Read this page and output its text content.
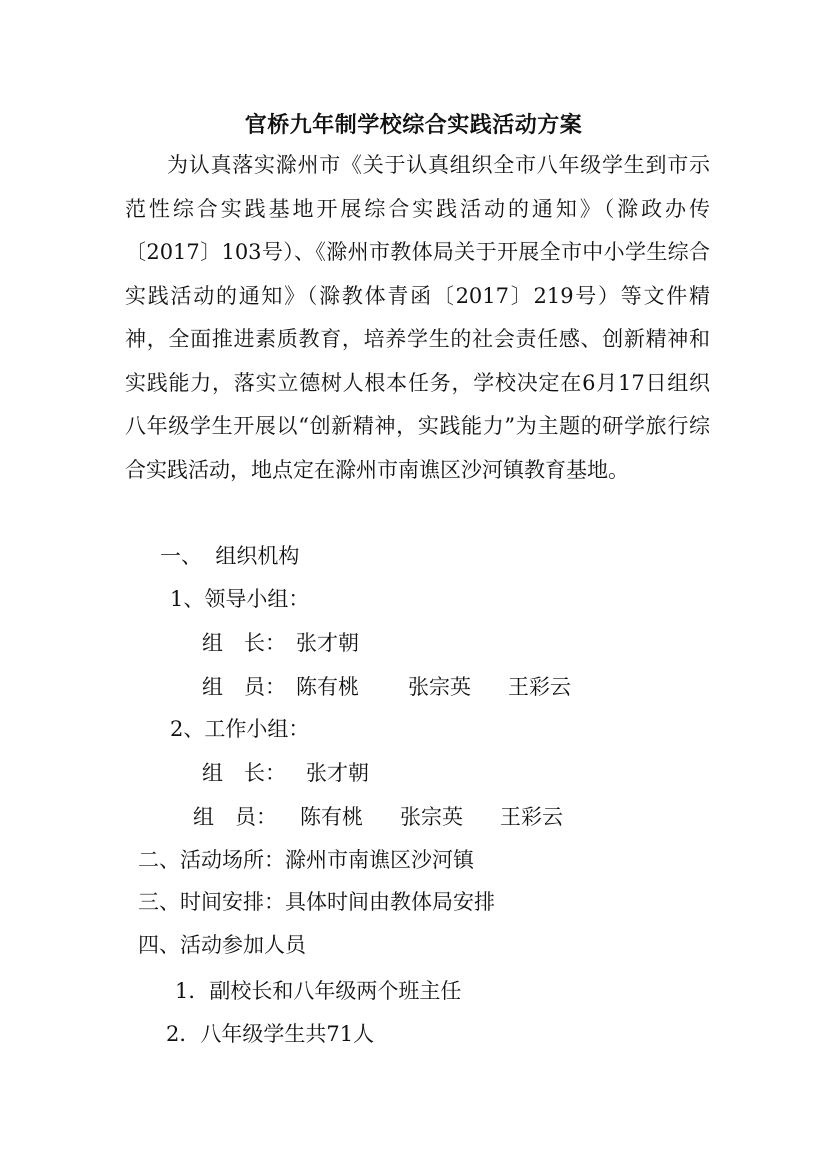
官桥九年制学校综合实践活动方案
为认真落实滁州市《关于认真组织全市八年级学生到市示范性综合实践基地开展综合实践活动的通知》（滁政办传〔2017〕103号）、《滁州市教体局关于开展全市中小学生综合实践活动的通知》（滁教体青函〔2017〕219号）等文件精神，全面推进素质教育，培养学生的社会责任感、创新精神和实践能力，落实立德树人根本任务，学校决定在6月17日组织八年级学生开展以“创新精神，实践能力”为主题的研学旅行综合实践活动，地点定在滁州市南谯区沙河镇教育基地。
一、  组织机构
1、领导小组：
组　长： 张才朝
组　员： 陈有桃 张宗英 王彩云
2、工作小组：
组　长： 张才朝
组　员： 陈有桃 张宗英 王彩云
二、活动场所：滁州市南谯区沙河镇
三、时间安排：具体时间由教体局安排
四、活动参加人员
1．副校长和八年级两个班主任
2．八年级学生共71人
